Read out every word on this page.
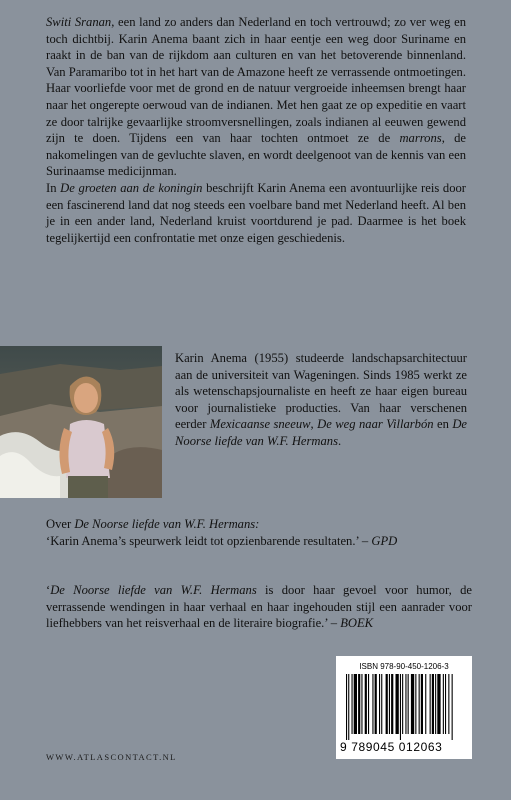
Switi Sranan, een land zo anders dan Nederland en toch vertrouwd; zo ver weg en toch dichtbij. Karin Anema baant zich in haar eentje een weg door Suriname en raakt in de ban van de rijkdom aan culturen en van het betoverende binnenland. Van Paramaribo tot in het hart van de Amazone heeft ze verrassende ontmoetingen. Haar voorliefde voor met de grond en de natuur vergroeide inheemsen brengt haar naar het ongerepte oerwoud van de indianen. Met hen gaat ze op expeditie en vaart ze door talrijke gevaarlijke stroomversnellingen, zoals indianen al eeuwen gewend zijn te doen. Tijdens een van haar tochten ontmoet ze de marrons, de nakomelingen van de gevluchte slaven, en wordt deelgenoot van de kennis van een Surinaamse medicijnman.

In De groeten aan de koningin beschrijft Karin Anema een avontuurlijke reis door een fascinerend land dat nog steeds een voelbare band met Nederland heeft. Al ben je in een ander land, Nederland kruist voortdurend je pad. Daarmee is het boek tegelijkertijd een confrontatie met onze eigen geschiedenis.

Karin Anema (1955) studeerde landschapsarchitectuur aan de universiteit van Wageningen. Sinds 1985 werkt ze als wetenschapsjournaliste en heeft ze haar eigen bureau voor journalistieke producties. Van haar verschenen eerder Mexicaanse sneeuw, De weg naar Villarbón en De Noorse liefde van W.F. Hermans.

Over De Noorse liefde van W.F. Hermans:

‘Karin Anema’s speurwerk leidt tot opzienbarende resultaten.’ – GPD

‘De Noorse liefde van W.F. Hermans is door haar gevoel voor humor, de verrassende wendingen in haar verhaal en haar ingehouden stijl een aanrader voor liefhebbers van het reisverhaal en de literaire biografie.’ – BOEK

WWW.ATLASCONTACT.NL
ISBN 978-90-450-1206-3
9 789045 012063
